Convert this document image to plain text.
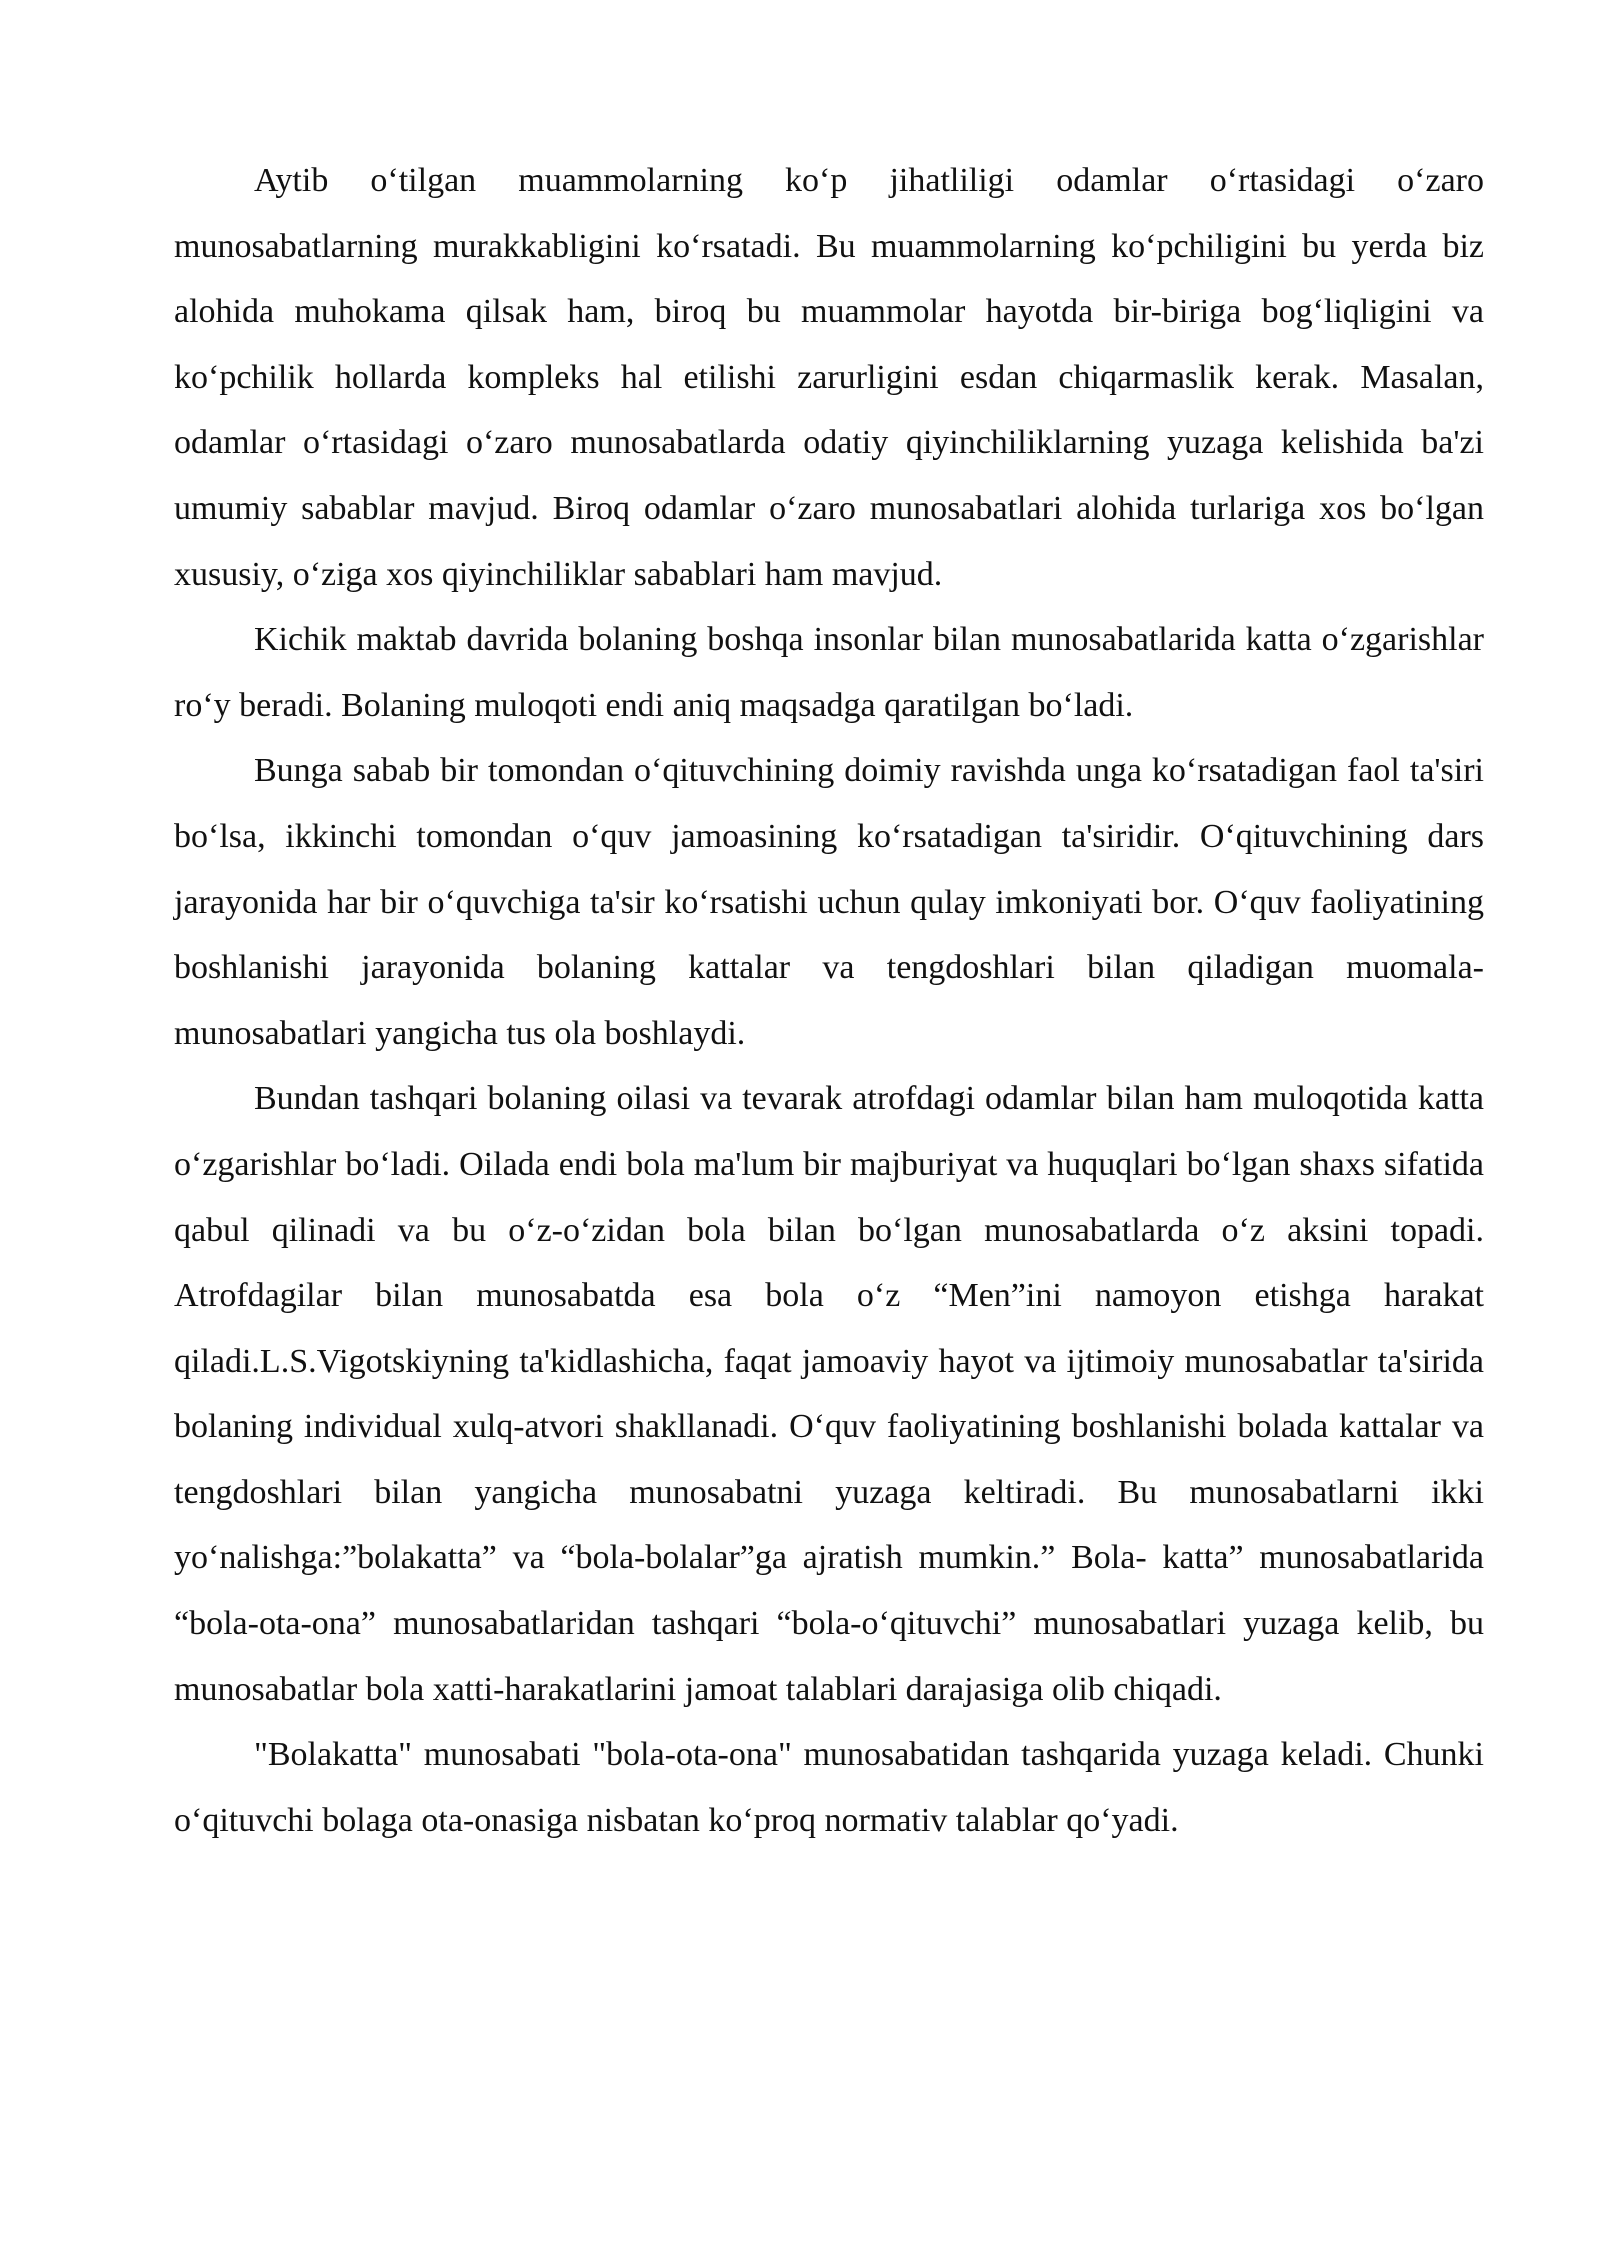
Aytib o‘tilgan muammolarning ko‘p jihatliligi odamlar o‘rtasidagi o‘zaro munosabatlarning murakkabligini ko‘rsatadi. Bu muammolarning ko‘pchiligini bu yerda biz alohida muhokama qilsak ham, biroq bu muammolar hayotda bir-biriga bog‘liqligini va ko‘pchilik hollarda kompleks hal etilishi zarurligini esdan chiqarmaslik kerak. Masalan, odamlar o‘rtasidagi o‘zaro munosabatlarda odatiy qiyinchiliklarning yuzaga kelishida ba'zi umumiy sabablar mavjud. Biroq odamlar o‘zaro munosabatlari alohida turlariga xos bo‘lgan xususiy, o‘ziga xos qiyinchiliklar sabablari ham mavjud.

Kichik maktab davrida bolaning boshqa insonlar bilan munosabatlarida katta o‘zgarishlar ro‘y beradi. Bolaning muloqoti endi aniq maqsadga qaratilgan bo‘ladi.

Bunga sabab bir tomondan o‘qituvchining doimiy ravishda unga ko‘rsatadigan faol ta'siri bo‘lsa, ikkinchi tomondan o‘quv jamoasining ko‘rsatadigan ta'siridir. O‘qituvchining dars jarayonida har bir o‘quvchiga ta'sir ko‘rsatishi uchun qulay imkoniyati bor. O‘quv faoliyatining boshlanishi jarayonida bolaning kattalar va tengdoshlari bilan qiladigan muomala-munosabatlari yangicha tus ola boshlaydi.

Bundan tashqari bolaning oilasi va tevarak atrofdagi odamlar bilan ham muloqotida katta o‘zgarishlar bo‘ladi. Oilada endi bola ma'lum bir majburiyat va huquqlari bo‘lgan shaxs sifatida qabul qilinadi va bu o‘z-o‘zidan bola bilan bo‘lgan munosabatlarda o‘z aksini topadi. Atrofdagilar bilan munosabatda esa bola o‘z “Men”ini namoyon etishga harakat qiladi.L.S.Vigotskiyning ta'kidlashicha, faqat jamoaviy hayot va ijtimoiy munosabatlar ta'sirida bolaning individual xulq-atvori shakllanadi. O‘quv faoliyatining boshlanishi bolada kattalar va tengdoshlari bilan yangicha munosabatni yuzaga keltiradi. Bu munosabatlarni ikki yo‘nalishga:”bolakatta” va “bola-bolalar”ga ajratish mumkin.” Bola- katta” munosabatlarida “bola-ota-ona” munosabatlaridan tashqari “bola-o‘qituvchi” munosabatlari yuzaga kelib, bu munosabatlar bola xatti-harakatlarini jamoat talablari darajasiga olib chiqadi.

"Bolakatta" munosabati "bola-ota-ona" munosabatidan tashqarida yuzaga keladi. Chunki o‘qituvchi bolaga ota-onasiga nisbatan ko‘proq normativ talablar qo‘yadi.
